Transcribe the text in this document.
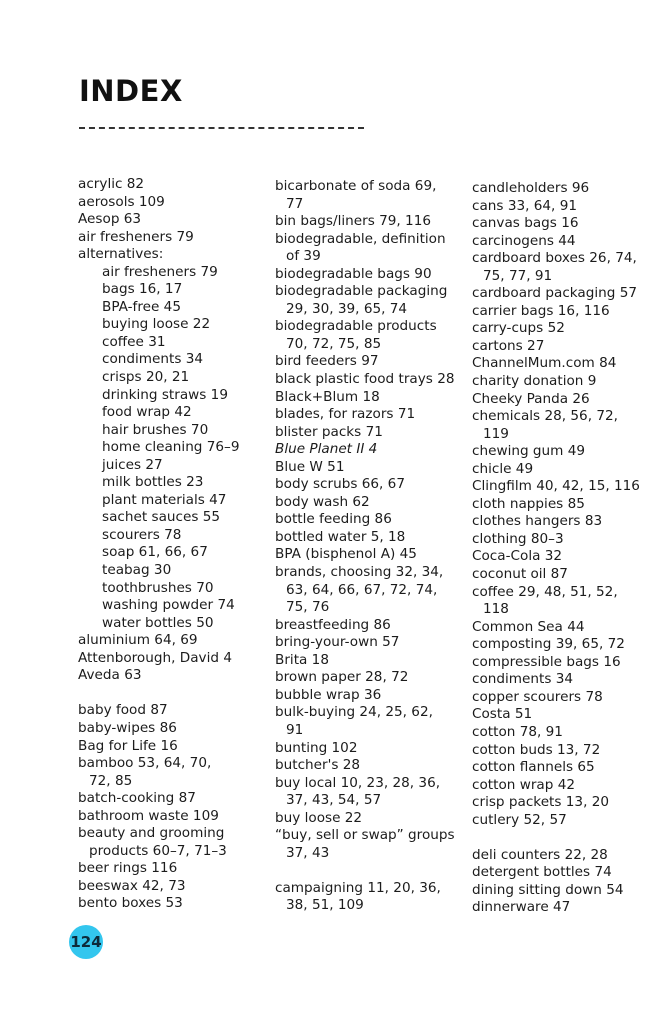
INDEX
acrylic 82
aerosols 109
Aesop 63
air fresheners 79
alternatives:
air fresheners 79
bags 16, 17
BPA-free 45
buying loose 22
coffee 31
condiments 34
crisps 20, 21
drinking straws 19
food wrap 42
hair brushes 70
home cleaning 76–9
juices 27
milk bottles 23
plant materials 47
sachet sauces 55
scourers 78
soap 61, 66, 67
teabag 30
toothbrushes 70
washing powder 74
water bottles 50
aluminium 64, 69
Attenborough, David 4
Aveda 63
baby food 87
baby-wipes 86
Bag for Life 16
bamboo 53, 64, 70,
72, 85
batch-cooking 87
bathroom waste 109
beauty and grooming
products 60–7, 71–3
beer rings 116
beeswax 42, 73
bento boxes 53
bicarbonate of soda 69,
77
bin bags/liners 79, 116
biodegradable, definition
of 39
biodegradable bags 90
biodegradable packaging
29, 30, 39, 65, 74
biodegradable products
70, 72, 75, 85
bird feeders 97
black plastic food trays 28
Black+Blum 18
blades, for razors 71
blister packs 71
Blue Planet II 4
Blue W 51
body scrubs 66, 67
body wash 62
bottle feeding 86
bottled water 5, 18
BPA (bisphenol A) 45
brands, choosing 32, 34,
63, 64, 66, 67, 72, 74,
75, 76
breastfeeding 86
bring-your-own 57
Brita 18
brown paper 28, 72
bubble wrap 36
bulk-buying 24, 25, 62,
91
bunting 102
butcher's 28
buy local 10, 23, 28, 36,
37, 43, 54, 57
buy loose 22
“buy, sell or swap” groups
37, 43
campaigning 11, 20, 36,
38, 51, 109
candleholders 96
cans 33, 64, 91
canvas bags 16
carcinogens 44
cardboard boxes 26, 74,
75, 77, 91
cardboard packaging 57
carrier bags 16, 116
carry-cups 52
cartons 27
ChannelMum.com 84
charity donation 9
Cheeky Panda 26
chemicals 28, 56, 72,
119
chewing gum 49
chicle 49
Clingfilm 40, 42, 15, 116
cloth nappies 85
clothes hangers 83
clothing 80–3
Coca-Cola 32
coconut oil 87
coffee 29, 48, 51, 52,
118
Common Sea 44
composting 39, 65, 72
compressible bags 16
condiments 34
copper scourers 78
Costa 51
cotton 78, 91
cotton buds 13, 72
cotton flannels 65
cotton wrap 42
crisp packets 13, 20
cutlery 52, 57
deli counters 22, 28
detergent bottles 74
dining sitting down 54
dinnerware 47
124
